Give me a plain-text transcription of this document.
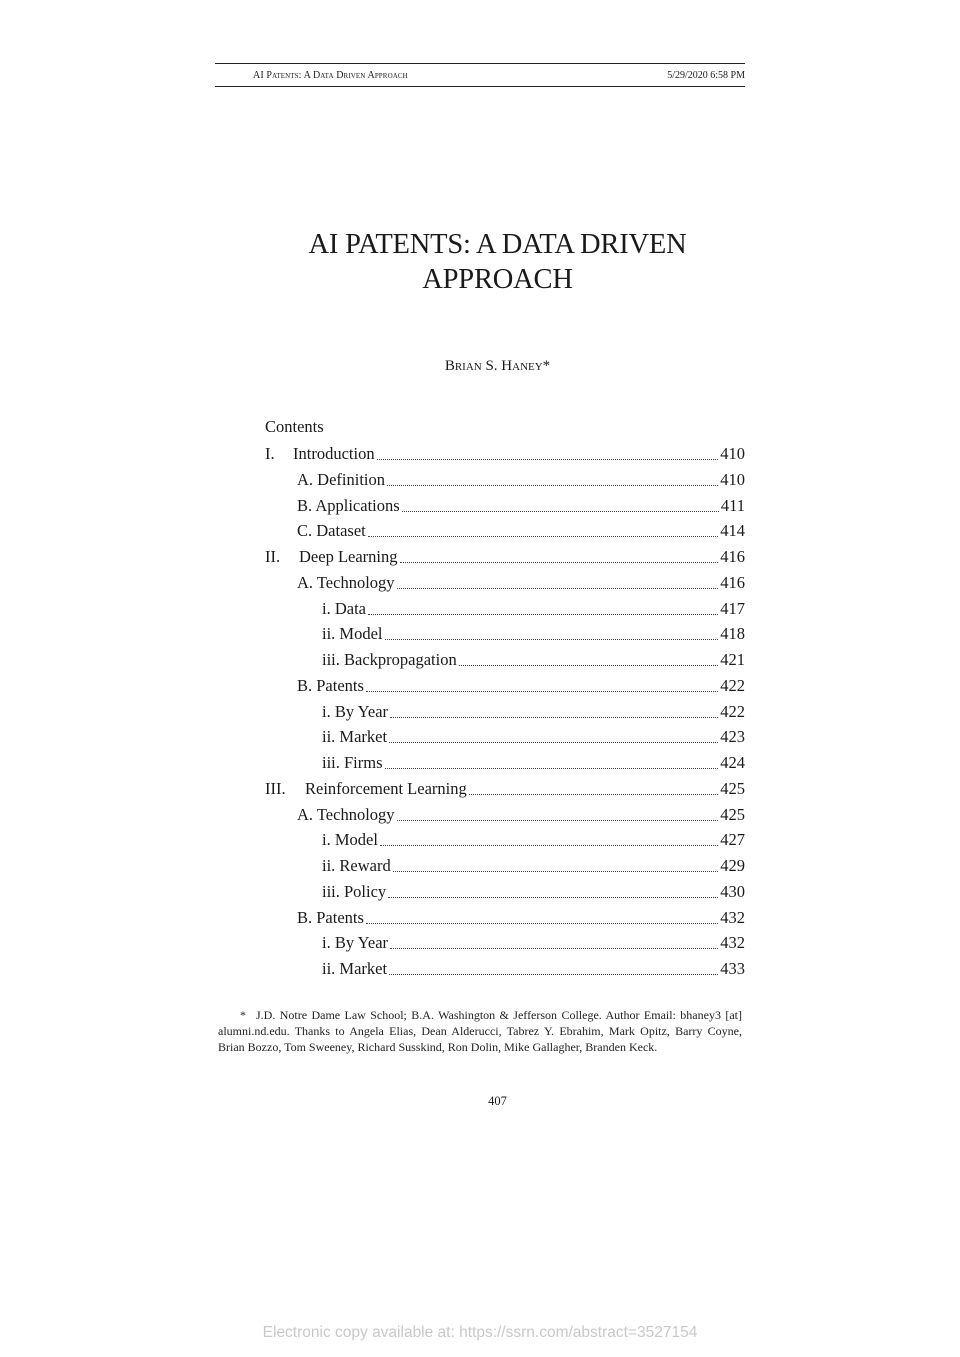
AI Patents: A Data Driven Approach	5/29/2020 6:58 PM
AI PATENTS: A DATA DRIVEN
APPROACH
Brian S. Haney*
Contents
I. Introduction	410
A. Definition	410
B. Applications	411
C. Dataset	414
II. Deep Learning	416
A. Technology	416
i. Data	417
ii. Model	418
iii. Backpropagation	421
B. Patents	422
i. By Year	422
ii. Market	423
iii. Firms	424
III. Reinforcement Learning	425
A. Technology	425
i. Model	427
ii. Reward	429
iii. Policy	430
B. Patents	432
i. By Year	432
ii. Market	433
* J.D. Notre Dame Law School; B.A. Washington & Jefferson College. Author Email: bhaney3 [at] alumni.nd.edu. Thanks to Angela Elias, Dean Alderucci, Tabrez Y. Ebrahim, Mark Opitz, Barry Coyne, Brian Bozzo, Tom Sweeney, Richard Susskind, Ron Dolin, Mike Gallagher, Branden Keck.
407
Electronic copy available at: https://ssrn.com/abstract=3527154
